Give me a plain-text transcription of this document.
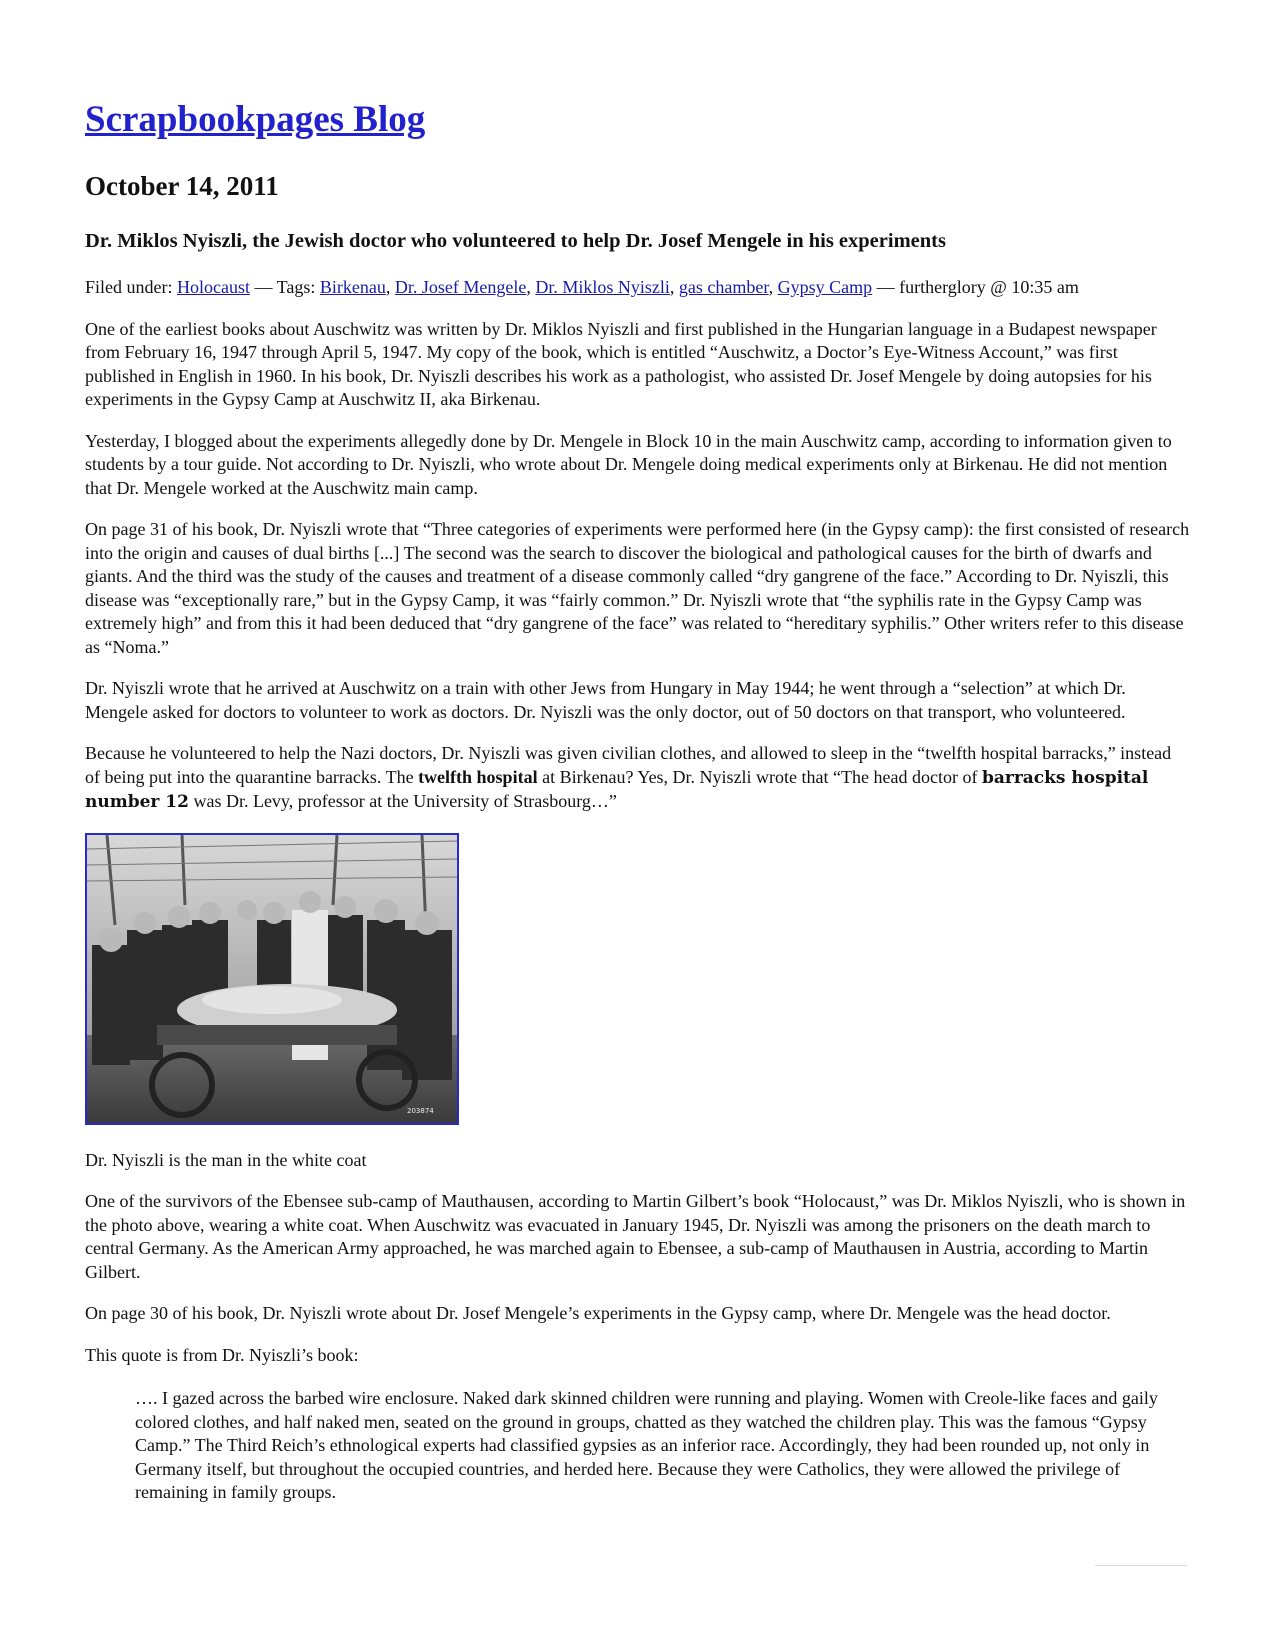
Scrapbookpages Blog
October 14, 2011
Dr. Miklos Nyiszli, the Jewish doctor who volunteered to help Dr. Josef Mengele in his experiments
Filed under: Holocaust — Tags: Birkenau, Dr. Josef Mengele, Dr. Miklos Nyiszli, gas chamber, Gypsy Camp — furtherglory @ 10:35 am

One of the earliest books about Auschwitz was written by Dr. Miklos Nyiszli and first published in the Hungarian language in a Budapest newspaper from February 16, 1947 through April 5, 1947. My copy of the book, which is entitled “Auschwitz, a Doctor’s Eye-Witness Account,” was first published in English in 1960. In his book, Dr. Nyiszli describes his work as a pathologist, who assisted Dr. Josef Mengele by doing autopsies for his experiments in the Gypsy Camp at Auschwitz II, aka Birkenau.

Yesterday, I blogged about the experiments allegedly done by Dr. Mengele in Block 10 in the main Auschwitz camp, according to information given to students by a tour guide. Not according to Dr. Nyiszli, who wrote about Dr. Mengele doing medical experiments only at Birkenau. He did not mention that Dr. Mengele worked at the Auschwitz main camp.

On page 31 of his book, Dr. Nyiszli wrote that “Three categories of experiments were performed here (in the Gypsy camp): the first consisted of research into the origin and causes of dual births [...] The second was the search to discover the biological and pathological causes for the birth of dwarfs and giants. And the third was the study of the causes and treatment of a disease commonly called “dry gangrene of the face.” According to Dr. Nyiszli, this disease was “exceptionally rare,” but in the Gypsy Camp, it was “fairly common.” Dr. Nyiszli wrote that “the syphilis rate in the Gypsy Camp was extremely high” and from this it had been deduced that “dry gangrene of the face” was related to “hereditary syphilis.” Other writers refer to this disease as “Noma.”

Dr. Nyiszli wrote that he arrived at Auschwitz on a train with other Jews from Hungary in May 1944; he went through a “selection” at which Dr. Mengele asked for doctors to volunteer to work as doctors. Dr. Nyiszli was the only doctor, out of 50 doctors on that transport, who volunteered.

Because he volunteered to help the Nazi doctors, Dr. Nyiszli was given civilian clothes, and allowed to sleep in the “twelfth hospital barracks,” instead of being put into the quarantine barracks. The twelfth hospital at Birkenau? Yes, Dr. Nyiszli wrote that “The head doctor of barracks hospital number 12 was Dr. Levy, professor at the University of Strasbourg…”

203874

Dr. Nyiszli is the man in the white coat

One of the survivors of the Ebensee sub-camp of Mauthausen, according to Martin Gilbert’s book “Holocaust,” was Dr. Miklos Nyiszli, who is shown in the photo above, wearing a white coat. When Auschwitz was evacuated in January 1945, Dr. Nyiszli was among the prisoners on the death march to central Germany. As the American Army approached, he was marched again to Ebensee, a sub-camp of Mauthausen in Austria, according to Martin Gilbert.

On page 30 of his book, Dr. Nyiszli wrote about Dr. Josef Mengele’s experiments in the Gypsy camp, where Dr. Mengele was the head doctor.

This quote is from Dr. Nyiszli’s book:

…. I gazed across the barbed wire enclosure. Naked dark skinned children were running and playing. Women with Creole-like faces and gaily colored clothes, and half naked men, seated on the ground in groups, chatted as they watched the children play. This was the famous “Gypsy Camp.” The Third Reich’s ethnological experts had classified gypsies as an inferior race. Accordingly, they had been rounded up, not only in Germany itself, but throughout the occupied countries, and herded here. Because they were Catholics, they were allowed the privilege of remaining in family groups.
